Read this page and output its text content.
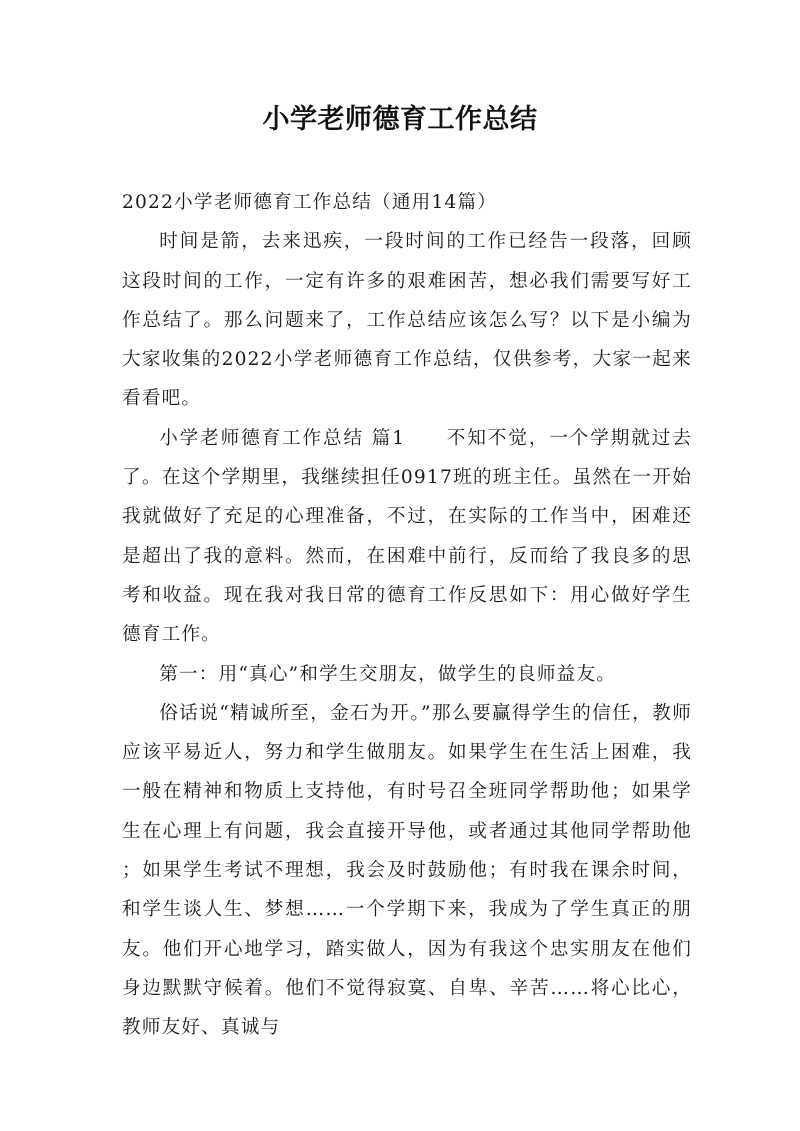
小学老师德育工作总结

2022小学老师德育工作总结（通用14篇）

时间是箭，去来迅疾，一段时间的工作已经告一段落，回顾这段时间的工作，一定有许多的艰难困苦，想必我们需要写好工作总结了。那么问题来了，工作总结应该怎么写？以下是小编为大家收集的2022小学老师德育工作总结，仅供参考，大家一起来看看吧。

小学老师德育工作总结 篇1 不知不觉，一个学期就过去了。在这个学期里，我继续担任0917班的班主任。虽然在一开始我就做好了充足的心理准备，不过，在实际的工作当中，困难还是超出了我的意料。然而，在困难中前行，反而给了我良多的思考和收益。现在我对我日常的德育工作反思如下：用心做好学生德育工作。

第一：用“真心”和学生交朋友，做学生的良师益友。

俗话说“精诚所至，金石为开。”那么要赢得学生的信任，教师应该平易近人，努力和学生做朋友。如果学生在生活上困难，我一般在精神和物质上支持他，有时号召全班同学帮助他；如果学生在心理上有问题，我会直接开导他，或者通过其他同学帮助他；如果学生考试不理想，我会及时鼓励他；有时我在课余时间，和学生谈人生、梦想……一个学期下来，我成为了学生真正的朋友。他们开心地学习，踏实做人，因为有我这个忠实朋友在他们身边默默守候着。他们不觉得寂寞、自卑、辛苦……将心比心，教师友好、真诚与
